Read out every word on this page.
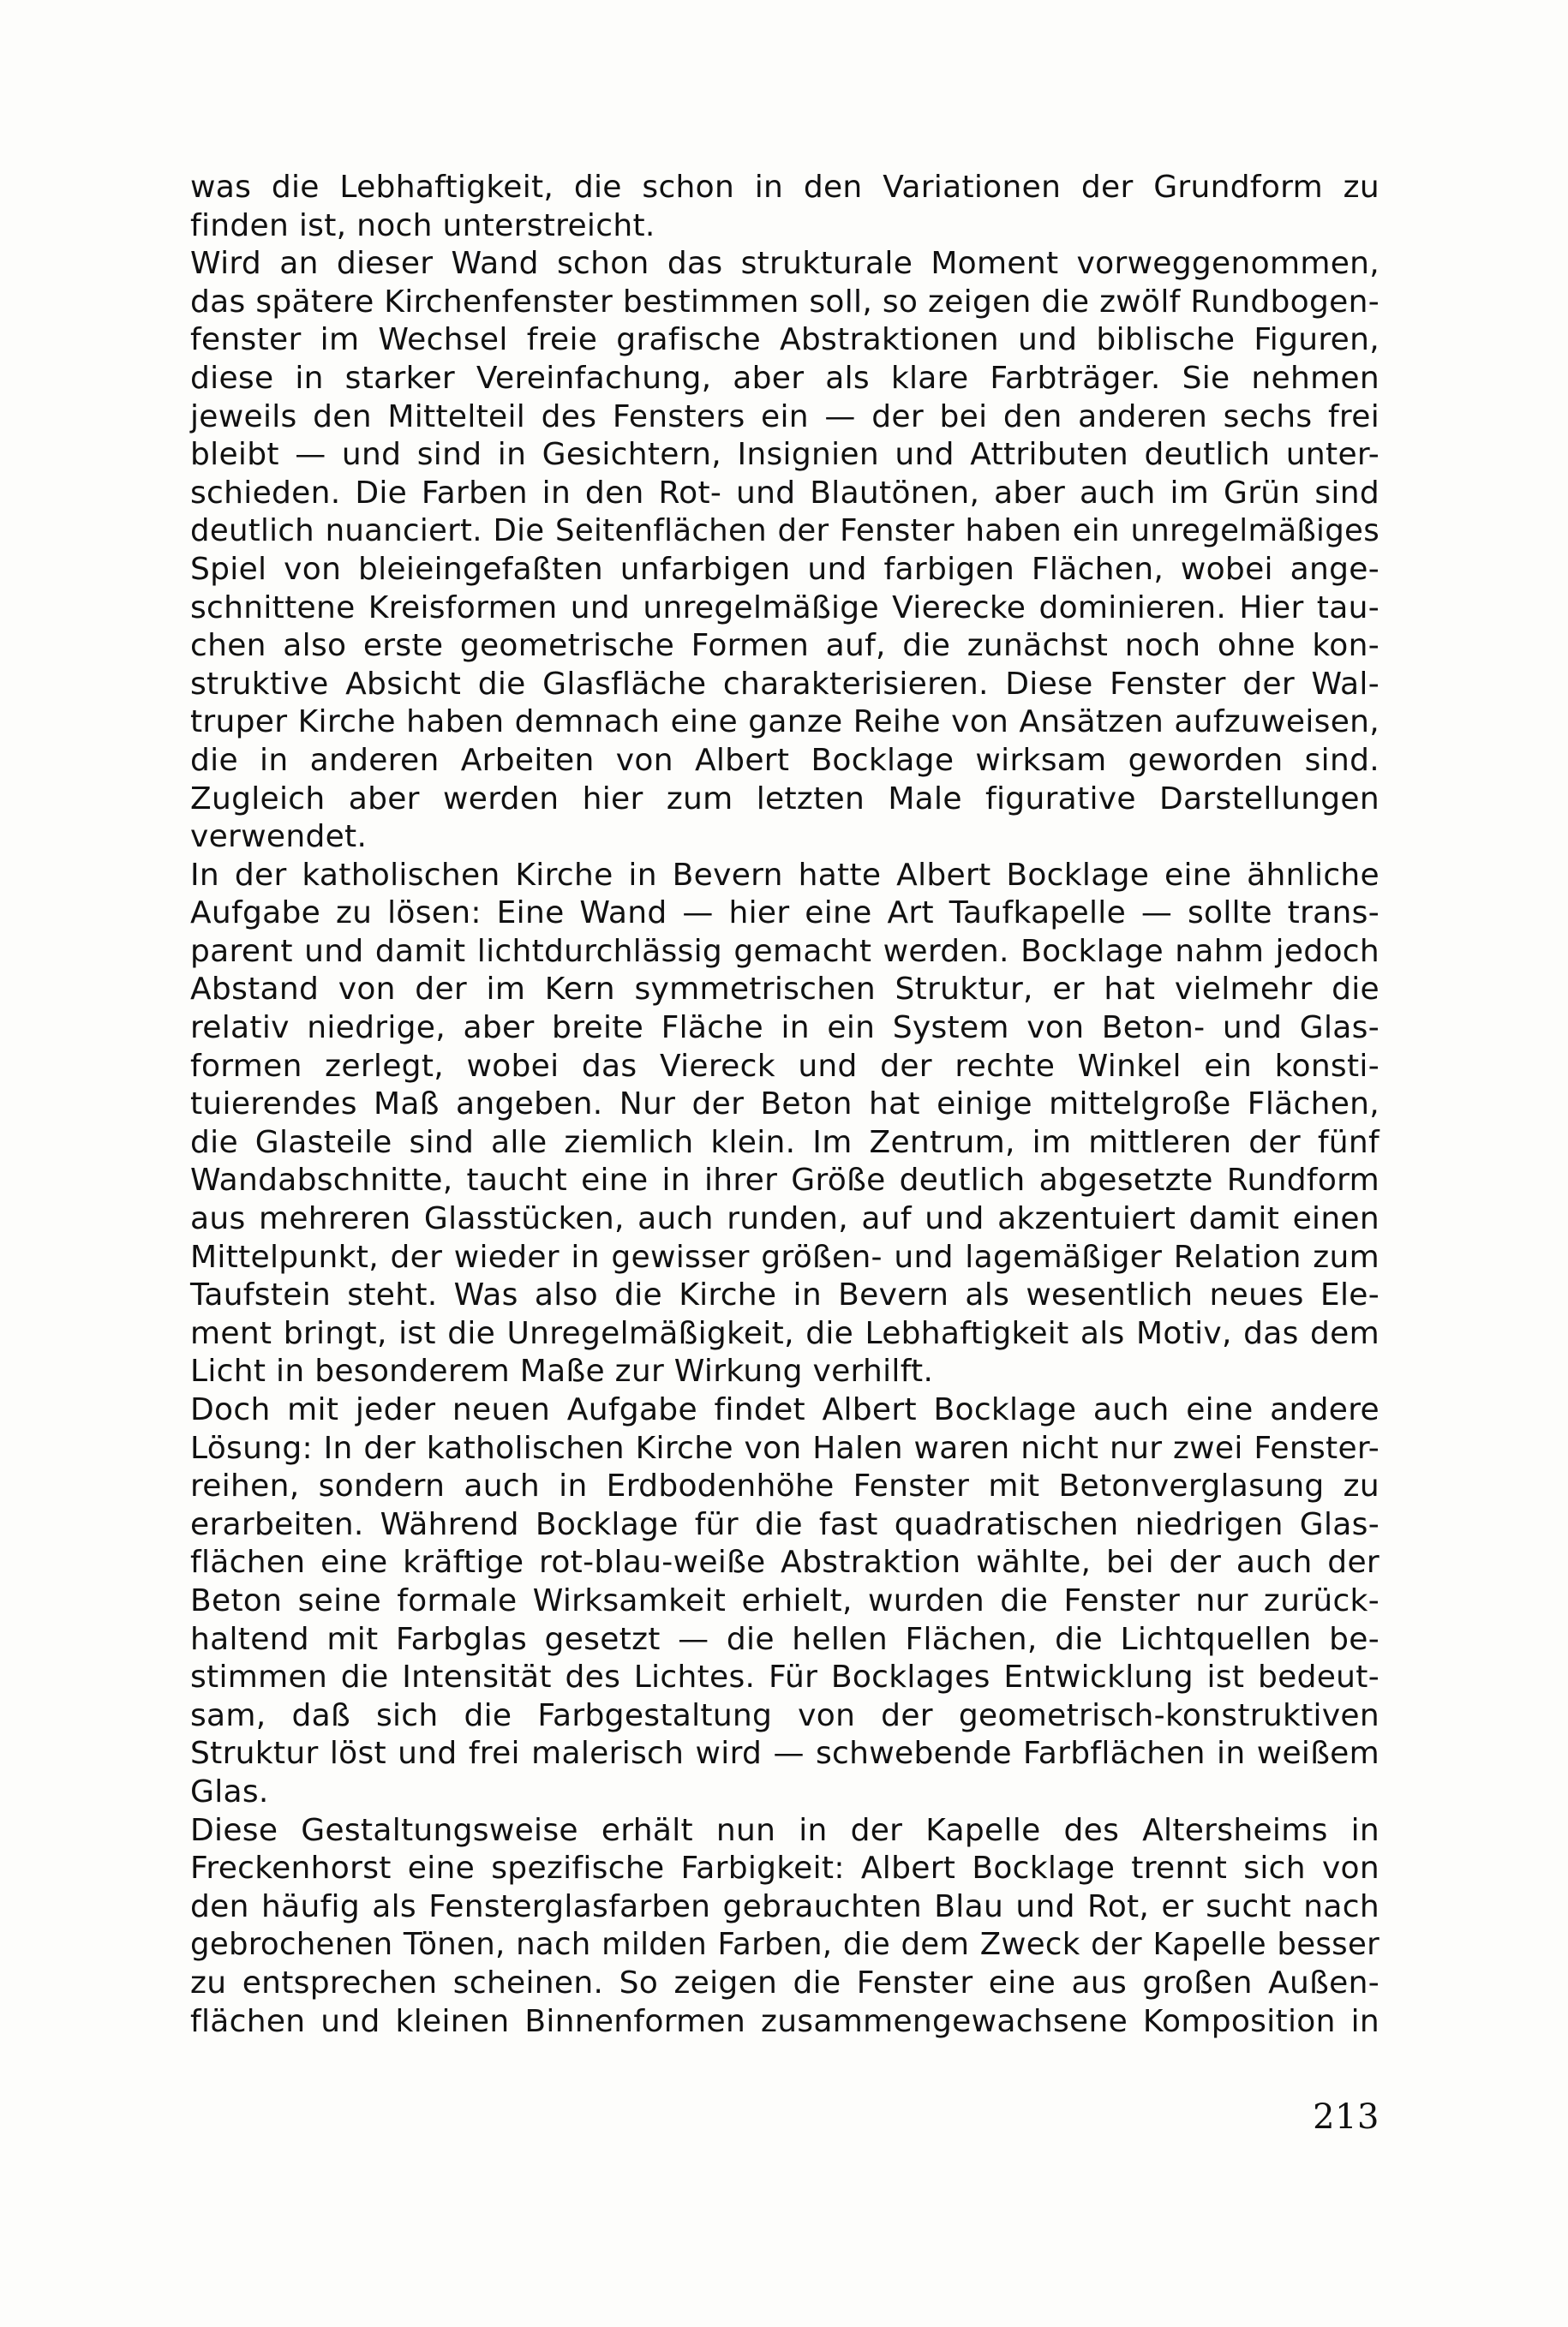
was die Lebhaftigkeit, die schon in den Variationen der Grundform zu
finden ist, noch unterstreicht.
Wird an dieser Wand schon das strukturale Moment vorweggenommen,
das spätere Kirchenfenster bestimmen soll, so zeigen die zwölf Rundbogen-
fenster im Wechsel freie grafische Abstraktionen und biblische Figuren,
diese in starker Vereinfachung, aber als klare Farbträger. Sie nehmen
jeweils den Mittelteil des Fensters ein — der bei den anderen sechs frei
bleibt — und sind in Gesichtern, Insignien und Attributen deutlich unter-
schieden. Die Farben in den Rot- und Blautönen, aber auch im Grün sind
deutlich nuanciert. Die Seitenflächen der Fenster haben ein unregelmäßiges
Spiel von bleieingefaßten unfarbigen und farbigen Flächen, wobei ange-
schnittene Kreisformen und unregelmäßige Vierecke dominieren. Hier tau-
chen also erste geometrische Formen auf, die zunächst noch ohne kon-
struktive Absicht die Glasfläche charakterisieren. Diese Fenster der Wal-
truper Kirche haben demnach eine ganze Reihe von Ansätzen aufzuweisen,
die in anderen Arbeiten von Albert Bocklage wirksam geworden sind.
Zugleich aber werden hier zum letzten Male figurative Darstellungen
verwendet.
In der katholischen Kirche in Bevern hatte Albert Bocklage eine ähnliche
Aufgabe zu lösen: Eine Wand — hier eine Art Taufkapelle — sollte trans-
parent und damit lichtdurchlässig gemacht werden. Bocklage nahm jedoch
Abstand von der im Kern symmetrischen Struktur, er hat vielmehr die
relativ niedrige, aber breite Fläche in ein System von Beton- und Glas-
formen zerlegt, wobei das Viereck und der rechte Winkel ein konsti-
tuierendes Maß angeben. Nur der Beton hat einige mittelgroße Flächen,
die Glasteile sind alle ziemlich klein. Im Zentrum, im mittleren der fünf
Wandabschnitte, taucht eine in ihrer Größe deutlich abgesetzte Rundform
aus mehreren Glasstücken, auch runden, auf und akzentuiert damit einen
Mittelpunkt, der wieder in gewisser größen- und lagemäßiger Relation zum
Taufstein steht. Was also die Kirche in Bevern als wesentlich neues Ele-
ment bringt, ist die Unregelmäßigkeit, die Lebhaftigkeit als Motiv, das dem
Licht in besonderem Maße zur Wirkung verhilft.
Doch mit jeder neuen Aufgabe findet Albert Bocklage auch eine andere
Lösung: In der katholischen Kirche von Halen waren nicht nur zwei Fenster-
reihen, sondern auch in Erdbodenhöhe Fenster mit Betonverglasung zu
erarbeiten. Während Bocklage für die fast quadratischen niedrigen Glas-
flächen eine kräftige rot-blau-weiße Abstraktion wählte, bei der auch der
Beton seine formale Wirksamkeit erhielt, wurden die Fenster nur zurück-
haltend mit Farbglas gesetzt — die hellen Flächen, die Lichtquellen be-
stimmen die Intensität des Lichtes. Für Bocklages Entwicklung ist bedeut-
sam, daß sich die Farbgestaltung von der geometrisch-konstruktiven
Struktur löst und frei malerisch wird — schwebende Farbflächen in weißem
Glas.
Diese Gestaltungsweise erhält nun in der Kapelle des Altersheims in
Freckenhorst eine spezifische Farbigkeit: Albert Bocklage trennt sich von
den häufig als Fensterglasfarben gebrauchten Blau und Rot, er sucht nach
gebrochenen Tönen, nach milden Farben, die dem Zweck der Kapelle besser
zu entsprechen scheinen. So zeigen die Fenster eine aus großen Außen-
flächen und kleinen Binnenformen zusammengewachsene Komposition in
213
